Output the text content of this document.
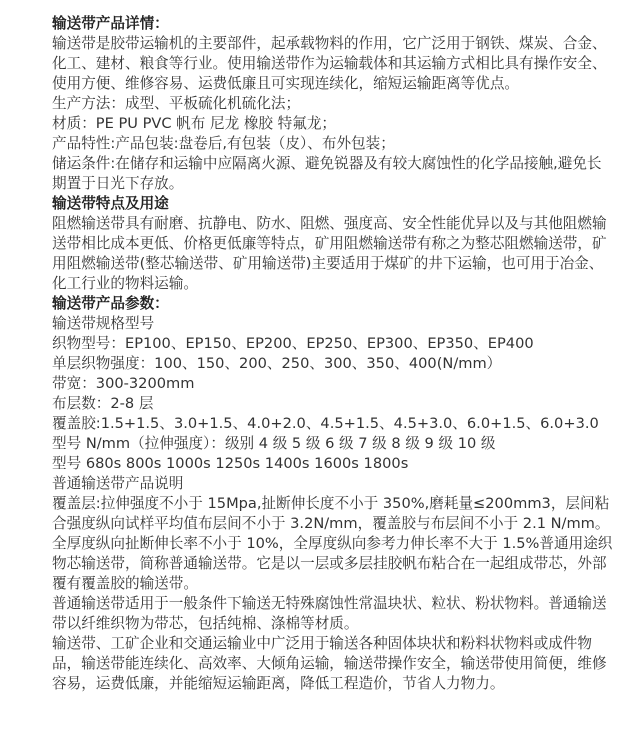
输送带产品详情：

输送带是胶带运输机的主要部件，起承载物料的作用，它广泛用于钢铁、煤炭、合金、化工、建材、粮食等行业。使用输送带作为运输载体和其运输方式相比具有操作安全、使用方便、维修容易、运费低廉且可实现连续化，缩短运输距离等优点。

生产方法：成型、平板硫化机硫化法；

材质：PE PU PVC 帆布 尼龙 橡胶 特氟龙；

产品特性:产品包装:盘卷后,有包装（皮）、布外包装；

储运条件:在储存和运输中应隔离火源、避免锐器及有较大腐蚀性的化学品接触,避免长期置于日光下存放。

输送带特点及用途

阻燃输送带具有耐磨、抗静电、防水、阻燃、强度高、安全性能优异以及与其他阻燃输送带相比成本更低、价格更低廉等特点，矿用阻燃输送带有称之为整芯阻燃输送带，矿用阻燃输送带(整芯输送带、矿用输送带)主要适用于煤矿的井下运输，也可用于冶金、化工行业的物料运输。

输送带产品参数：

输送带规格型号

织物型号：EP100、EP150、EP200、EP250、EP300、EP350、EP400

单层织物强度：100、150、200、250、300、350、400(N/mm）

带宽：300-3200mm

布层数：2-8 层

覆盖胶:1.5+1.5、3.0+1.5、4.0+2.0、4.5+1.5、4.5+3.0、6.0+1.5、6.0+3.0

型号 N/mm（拉伸强度）：级别 4 级 5 级 6 级 7 级 8 级 9 级 10 级

型号 680s 800s 1000s 1250s 1400s 1600s 1800s

普通输送带产品说明

覆盖层:拉伸强度不小于 15Mpa,扯断伸长度不小于 350%,磨耗量≤200mm3，层间粘合强度纵向试样平均值布层间不小于 3.2N/mm，覆盖胶与布层间不小于 2.1 N/mm。

全厚度纵向扯断伸长率不小于 10%，全厚度纵向参考力伸长率不大于 1.5%普通用途织物芯输送带，简称普通输送带。它是以一层或多层挂胶帆布粘合在一起组成带芯，外部覆有覆盖胶的输送带。

普通输送带适用于一般条件下输送无特殊腐蚀性常温块状、粒状、粉状物料。普通输送带以纤维织物为带芯，包括纯棉、涤棉等材质。

输送带、工矿企业和交通运输业中广泛用于输送各种固体块状和粉料状物料或成件物品，输送带能连续化、高效率、大倾角运输，输送带操作安全，输送带使用简便，维修容易，运费低廉，并能缩短运输距离，降低工程造价，节省人力物力。
